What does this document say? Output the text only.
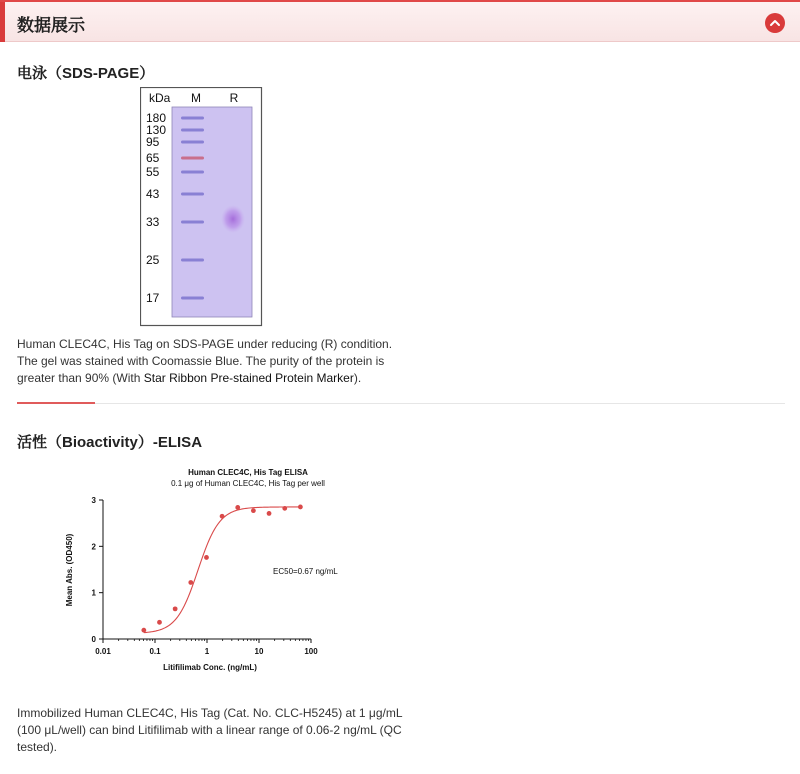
数据展示
电泳（SDS-PAGE）
kDa M R
180
130
95
65
55
43
33
25
17
Human CLEC4C, His Tag on SDS-PAGE under reducing (R) condition.
The gel was stained with Coomassie Blue. The purity of the protein is
greater than 90% (With Star Ribbon Pre-stained Protein Marker).
活性（Bioactivity）-ELISA
Human CLEC4C, His Tag ELISA
0.1 μg of Human CLEC4C, His Tag per well
0.01	0.1	1	10	100
0
1
2
3
EC50=0.67 ng/mL
Litifilimab Conc. (ng/mL)
Mean Abs. (OD450)
Immobilized Human CLEC4C, His Tag (Cat. No. CLC-H5245) at 1 μg/mL
(100 μL/well) can bind Litifilimab with a linear range of 0.06-2 ng/mL (QC
tested).
